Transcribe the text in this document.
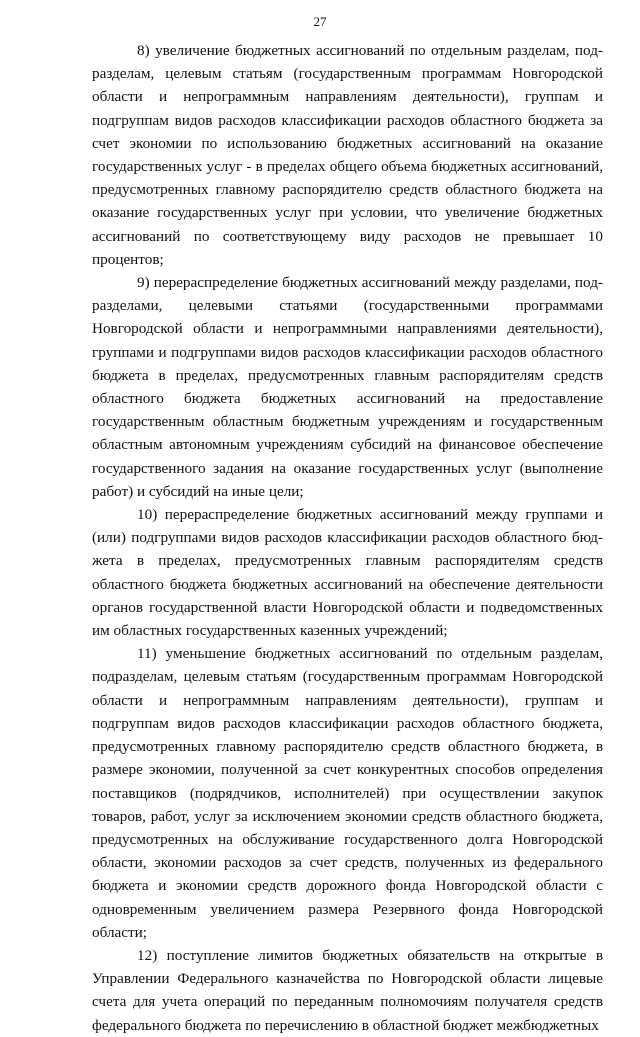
27

8) увеличение бюджетных ассигнований по отдельным разделам, подразделам, целевым статьям (государственным программам Новгородской области и непрограммным направлениям деятельности), группам и подгруппам видов расходов классификации расходов областного бюджета за счет экономии по использованию бюджетных ассигнований на оказание государственных услуг - в пределах общего объема бюджетных ассигнований, предусмотренных главному распорядителю средств областного бюджета на оказание государственных услуг при условии, что увеличение бюджетных ассигнований по соответствующему виду расходов не превышает 10 процентов;

9) перераспределение бюджетных ассигнований между разделами, подразделами, целевыми статьями (государственными программами Новгородской области и непрограммными направлениями деятельности), группами и подгруппами видов расходов классификации расходов областного бюджета в пределах, предусмотренных главным распорядителям средств областного бюджета бюджетных ассигнований на предоставление государственным областным бюджетным учреждениям и государственным областным автономным учреждениям субсидий на финансовое обеспечение государственного задания на оказание государственных услуг (выполнение работ) и субсидий на иные цели;

10) перераспределение бюджетных ассигнований между группами и (или) подгруппами видов расходов классификации расходов областного бюджета в пределах, предусмотренных главным распорядителям средств областного бюджета бюджетных ассигнований на обеспечение деятельности органов государственной власти Новгородской области и подведомственных им областных государственных казенных учреждений;

11) уменьшение бюджетных ассигнований по отдельным разделам, подразделам, целевым статьям (государственным программам Новгородской области и непрограммным направлениям деятельности), группам и подгруппам видов расходов классификации расходов областного бюджета, предусмотренных главному распорядителю средств областного бюджета, в размере экономии, полученной за счет конкурентных способов определения поставщиков (подрядчиков, исполнителей) при осуществлении закупок товаров, работ, услуг за исключением экономии средств областного бюджета, предусмотренных на обслуживание государственного долга Новгородской области, экономии расходов за счет средств, полученных из федерального бюджета и экономии средств дорожного фонда Новгородской области с одновременным увеличением размера Резервного фонда Новгородской области;

12) поступление лимитов бюджетных обязательств на открытые в Управлении Федерального казначейства по Новгородской области лицевые счета для учета операций по переданным полномочиям получателя средств федерального бюджета по перечислению в областной бюджет межбюджетных
